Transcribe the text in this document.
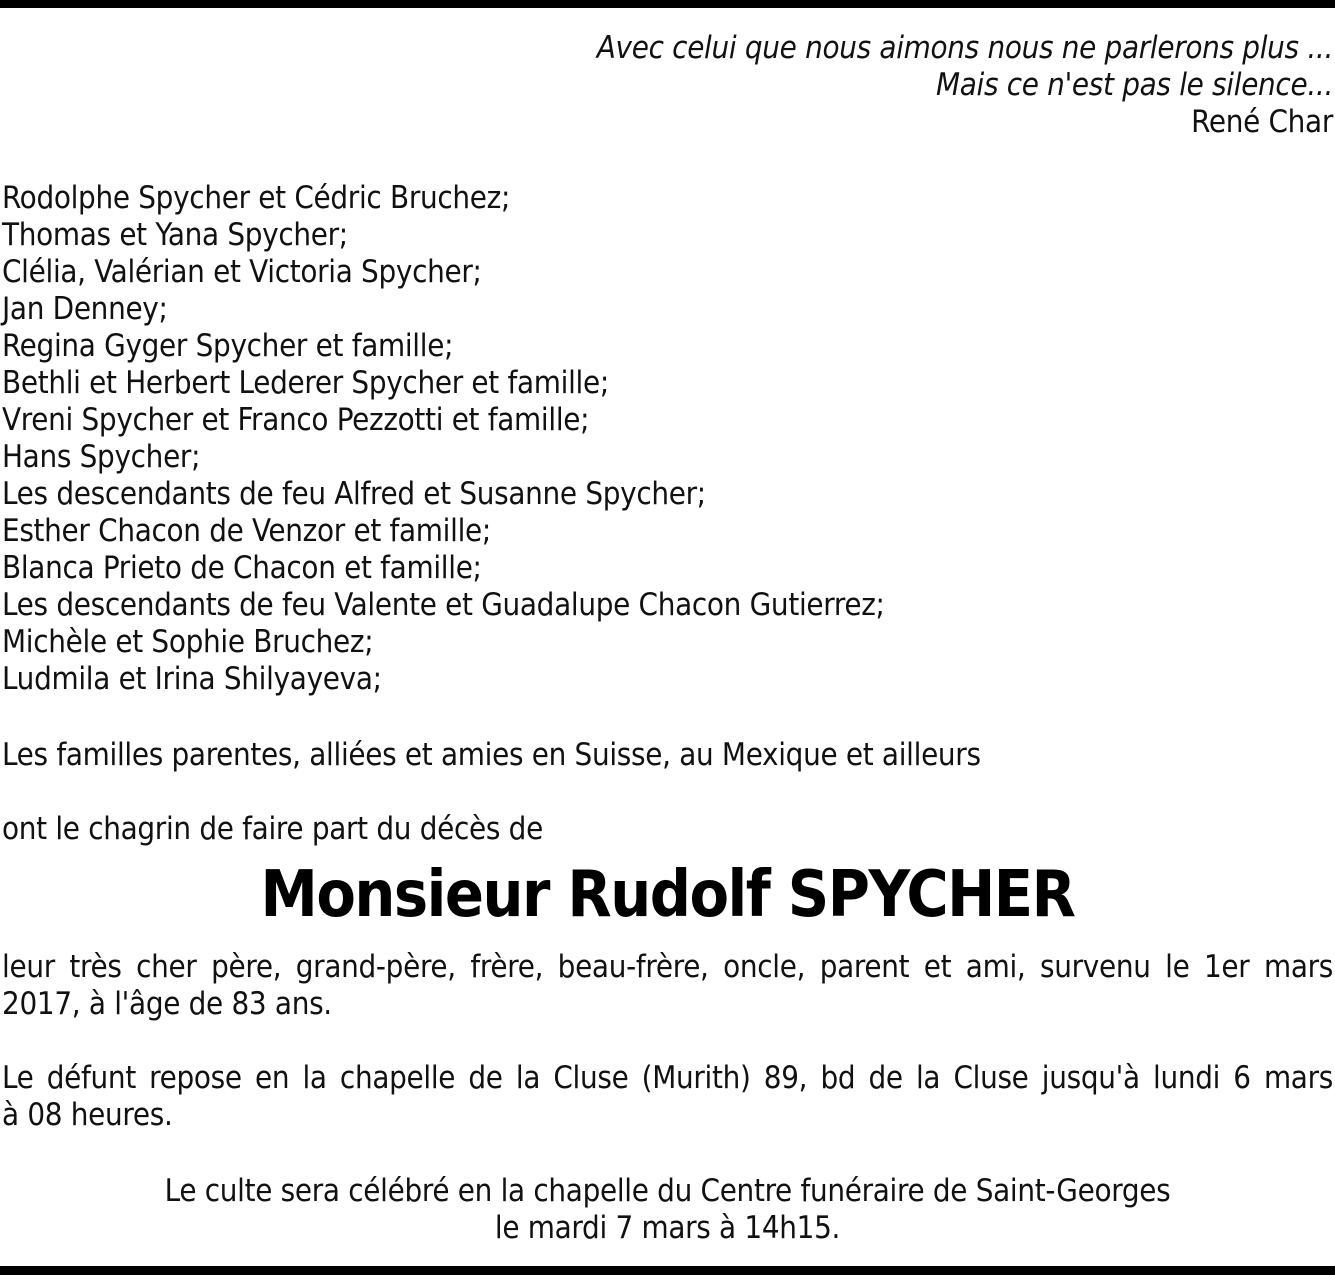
Avec celui que nous aimons nous ne parlerons plus ...
Mais ce n'est pas le silence...
René Char
Rodolphe Spycher et Cédric Bruchez;
Thomas et Yana Spycher;
Clélia, Valérian et Victoria Spycher;
Jan Denney;
Regina Gyger Spycher et famille;
Bethli et Herbert Lederer Spycher et famille;
Vreni Spycher et Franco Pezzotti et famille;
Hans Spycher;
Les descendants de feu Alfred et Susanne Spycher;
Esther Chacon de Venzor et famille;
Blanca Prieto de Chacon et famille;
Les descendants de feu Valente et Guadalupe Chacon Gutierrez;
Michèle et Sophie Bruchez;
Ludmila et Irina Shilyayeva;
Les familles parentes, alliées et amies en Suisse, au Mexique et ailleurs
ont le chagrin de faire part du décès de
Monsieur Rudolf SPYCHER
leur très cher père, grand-père, frère, beau-frère, oncle, parent et ami, survenu le 1er mars
2017, à l'âge de 83 ans.
Le défunt repose en la chapelle de la Cluse (Murith) 89, bd de la Cluse jusqu'à lundi 6 mars
à 08 heures.
Le culte sera célébré en la chapelle du Centre funéraire de Saint-Georges
le mardi 7 mars à 14h15.
